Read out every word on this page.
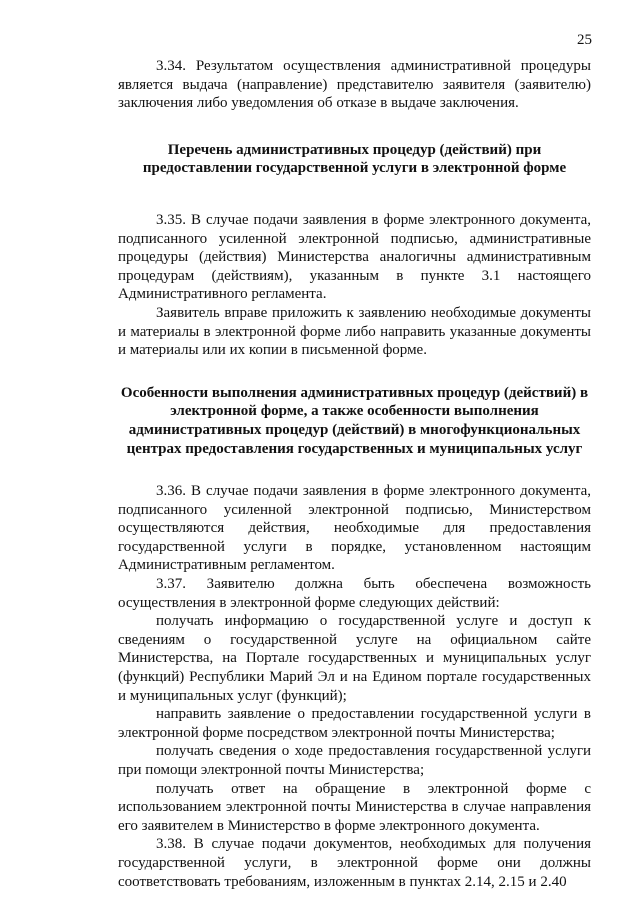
25

3.34. Результатом осуществления административной процедуры является выдача (направление) представителю заявителя (заявителю) заключения либо уведомления об отказе в выдаче заключения.

Перечень административных процедур (действий) при предоставлении государственной услуги в электронной форме

3.35. В случае подачи заявления в форме электронного документа, подписанного усиленной электронной подписью, административные процедуры (действия) Министерства аналогичны административным процедурам (действиям), указанным в пункте 3.1 настоящего Административного регламента.

Заявитель вправе приложить к заявлению необходимые документы и материалы в электронной форме либо направить указанные документы и материалы или их копии в письменной форме.

Особенности выполнения административных процедур (действий) в электронной форме, а также особенности выполнения административных процедур (действий) в многофункциональных центрах предоставления государственных и муниципальных услуг

3.36. В случае подачи заявления в форме электронного документа, подписанного усиленной электронной подписью, Министерством осуществляются действия, необходимые для предоставления государственной услуги в порядке, установленном настоящим Административным регламентом.

3.37. Заявителю должна быть обеспечена возможность осуществления в электронной форме следующих действий:

получать информацию о государственной услуге и доступ к сведениям о государственной услуге на официальном сайте Министерства, на Портале государственных и муниципальных услуг (функций) Республики Марий Эл и на Едином портале государственных и муниципальных услуг (функций);

направить заявление о предоставлении государственной услуги в электронной форме посредством электронной почты Министерства;

получать сведения о ходе предоставления государственной услуги при помощи электронной почты Министерства;

получать ответ на обращение в электронной форме с использованием электронной почты Министерства в случае направления его заявителем в Министерство в форме электронного документа.

3.38. В случае подачи документов, необходимых для получения государственной услуги, в электронной форме они должны соответствовать требованиям, изложенным в пунктах 2.14, 2.15 и 2.40
